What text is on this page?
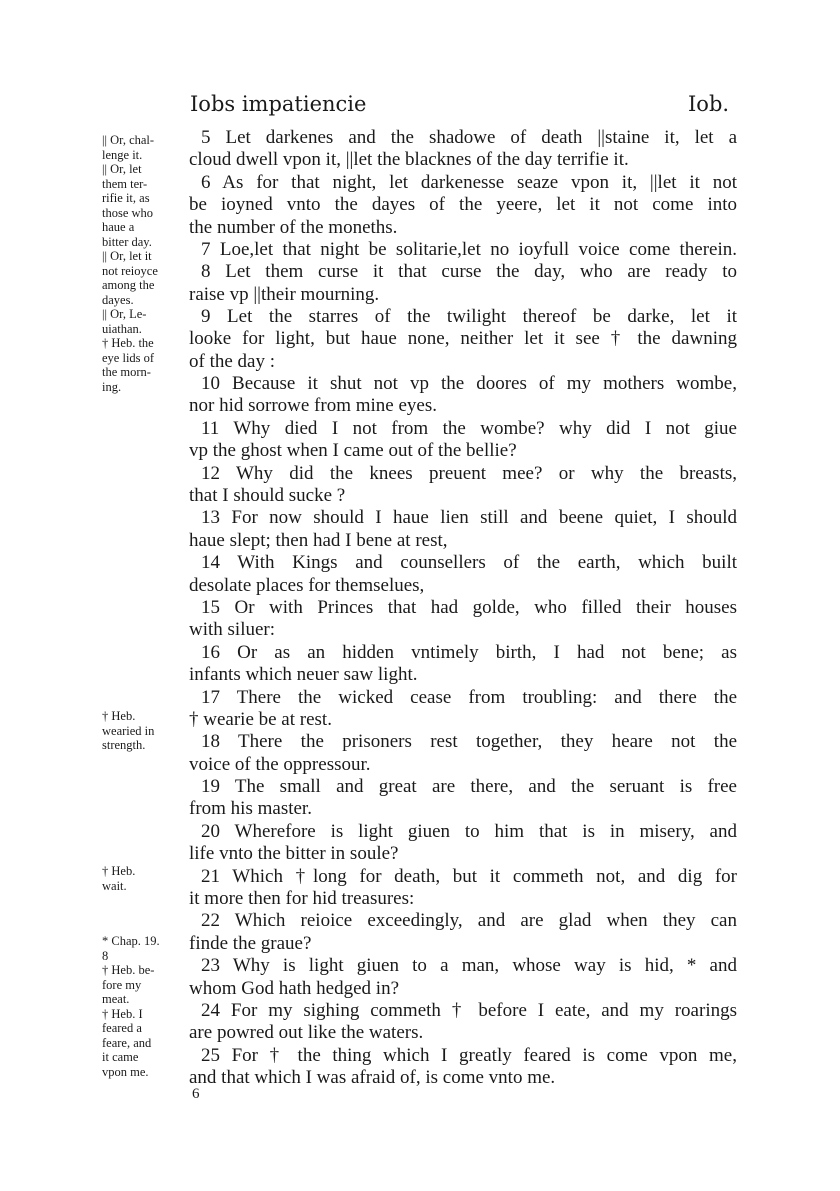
Iobs impatiencie	Iob.

|| Or, chal-

lenge it.

|| Or, let

them ter-

rifie it, as

those who

haue a

bitter day.

|| Or, let it

not reioyce

among the

dayes.

|| Or, Le-

uiathan.

† Heb. the

eye lids of

the morn-

ing.

† Heb.

wearied in

strength.

† Heb.

wait.

* Chap. 19.

8

† Heb. be-

fore my

meat.

† Heb. I

feared a

feare, and

it came

vpon me.

5 Let darkenes and the shadowe of death ||staine it, let a

cloud dwell vpon it, ||let the blacknes of the day terrifie it.

6 As for that night, let darkenesse seaze vpon it, ||let it not

be ioyned vnto the dayes of the yeere, let it not come into

the number of the moneths.

7 Loe,let that night be solitarie,let no ioyfull voice come therein.

8 Let them curse it that curse the day, who are ready to

raise vp ||their mourning.

9 Let the starres of the twilight thereof be darke, let it

looke for light, but haue none, neither let it see † the dawning

of the day :

10 Because it shut not vp the doores of my mothers wombe,

nor hid sorrowe from mine eyes.

11 Why died I not from the wombe? why did I not giue

vp the ghost when I came out of the bellie?

12 Why did the knees preuent mee? or why the breasts,

that I should sucke ?

13 For now should I haue lien still and beene quiet, I should

haue slept; then had I bene at rest,

14 With Kings and counsellers of the earth, which built

desolate places for themselues,

15 Or with Princes that had golde, who filled their houses

with siluer:

16 Or as an hidden vntimely birth, I had not bene; as

infants which neuer saw light.

17 There the wicked cease from troubling: and there the

† wearie be at rest.

18 There the prisoners rest together, they heare not the

voice of the oppressour.

19 The small and great are there, and the seruant is free

from his master.

20 Wherefore is light giuen to him that is in misery, and

life vnto the bitter in soule?

21 Which †long for death, but it commeth not, and dig for

it more then for hid treasures:

22 Which reioice exceedingly, and are glad when they can

finde the graue?

23 Why is light giuen to a man, whose way is hid, * and

whom God hath hedged in?

24 For my sighing commeth † before I eate, and my roarings

are powred out like the waters.

25 For † the thing which I greatly feared is come vpon me,

and that which I was afraid of, is come vnto me.

6
